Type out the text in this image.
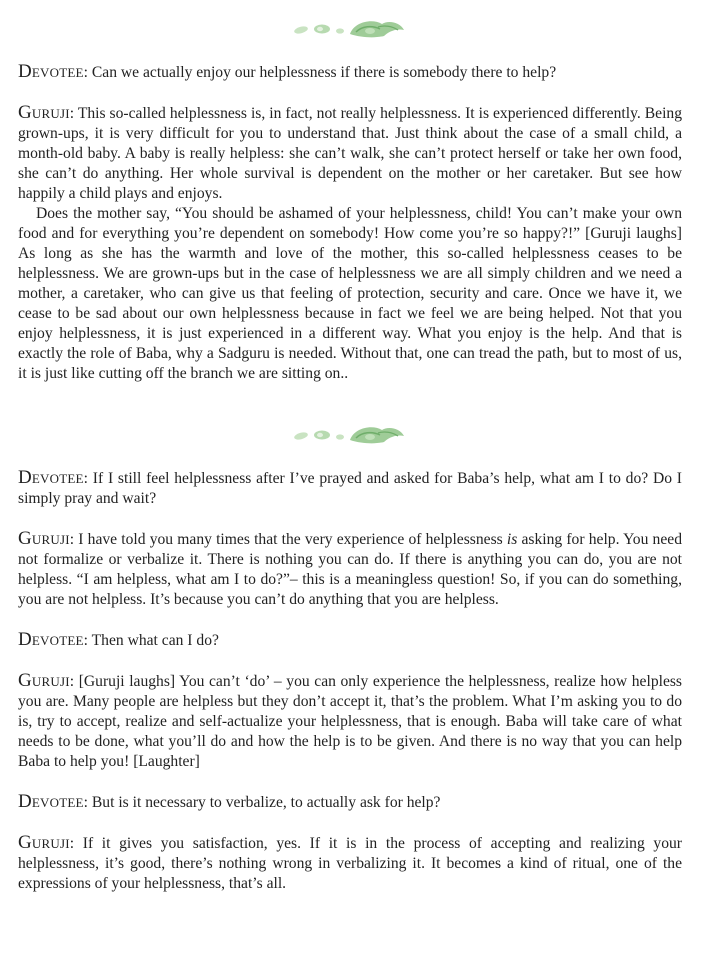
Devotee: Can we actually enjoy our helplessness if there is somebody there to help?

Guruji: This so-called helplessness is, in fact, not really helplessness. It is experienced differently. Being grown-ups, it is very difficult for you to understand that. Just think about the case of a small child, a month-old baby. A baby is really helpless: she can’t walk, she can’t protect herself or take her own food, she can’t do anything. Her whole survival is dependent on the mother or her caretaker. But see how happily a child plays and enjoys.

Does the mother say, “You should be ashamed of your helplessness, child! You can’t make your own food and for everything you’re dependent on somebody! How come you’re so happy?!” [Guruji laughs] As long as she has the warmth and love of the mother, this so-called helplessness ceases to be helplessness. We are grown-ups but in the case of helplessness we are all simply children and we need a mother, a caretaker, who can give us that feeling of protection, security and care. Once we have it, we cease to be sad about our own helplessness because in fact we feel we are being helped. Not that you enjoy helplessness, it is just experienced in a different way. What you enjoy is the help. And that is exactly the role of Baba, why a Sadguru is needed. Without that, one can tread the path, but to most of us, it is just like cutting off the branch we are sitting on..

Devotee: If I still feel helplessness after I’ve prayed and asked for Baba’s help, what am I to do? Do I simply pray and wait?

Guruji: I have told you many times that the very experience of helplessness is asking for help. You need not formalize or verbalize it. There is nothing you can do. If there is anything you can do, you are not helpless. “I am helpless, what am I to do?”– this is a meaningless question! So, if you can do something, you are not helpless. It’s because you can’t do anything that you are helpless.

Devotee: Then what can I do?

Guruji: [Guruji laughs] You can’t ‘do’ – you can only experience the helplessness, realize how helpless you are. Many people are helpless but they don’t accept it, that’s the problem. What I’m asking you to do is, try to accept, realize and self-actualize your helplessness, that is enough. Baba will take care of what needs to be done, what you’ll do and how the help is to be given. And there is no way that you can help Baba to help you! [Laughter]

Devotee: But is it necessary to verbalize, to actually ask for help?

Guruji: If it gives you satisfaction, yes. If it is in the process of accepting and realizing your helplessness, it’s good, there’s nothing wrong in verbalizing it. It becomes a kind of ritual, one of the expressions of your helplessness, that’s all.
